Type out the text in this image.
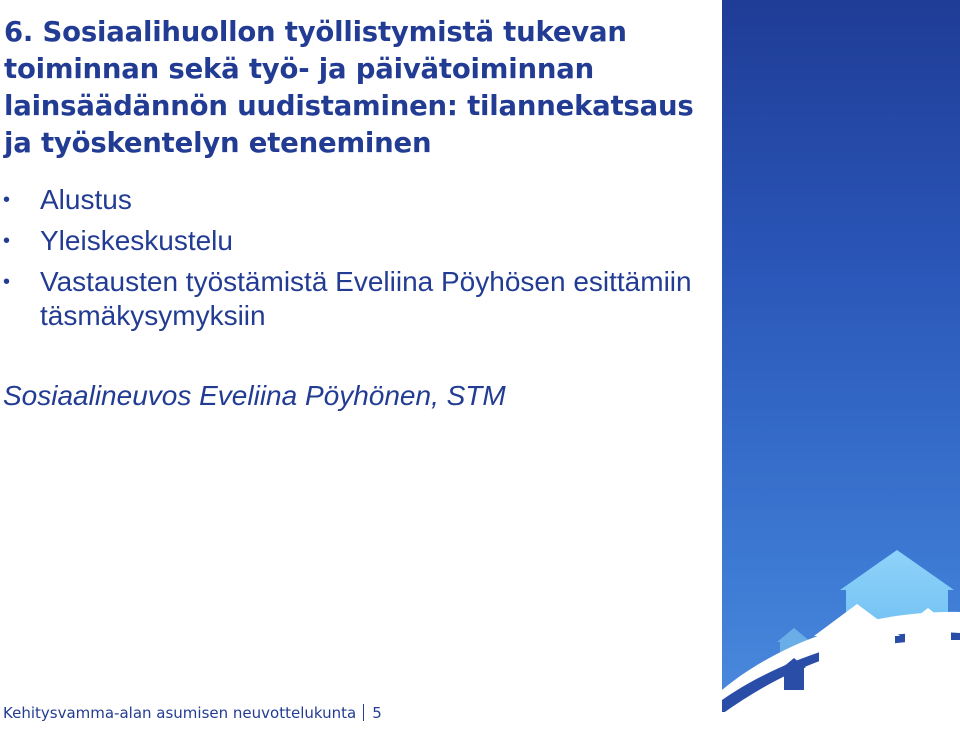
6. Sosiaalihuollon työllistymistä tukevan toiminnan sekä työ- ja päivätoiminnan lainsäädännön uudistaminen: tilannekatsaus ja työskentelyn eteneminen
• Alustus
• Yleiskeskustelu
• Vastausten työstämistä Eveliina Pöyhösen esittämiin täsmäkysymyksiin

Sosiaalineuvos Eveliina Pöyhönen, STM

Kehitysvammа-alan asumisen neuvottelukunta 5
